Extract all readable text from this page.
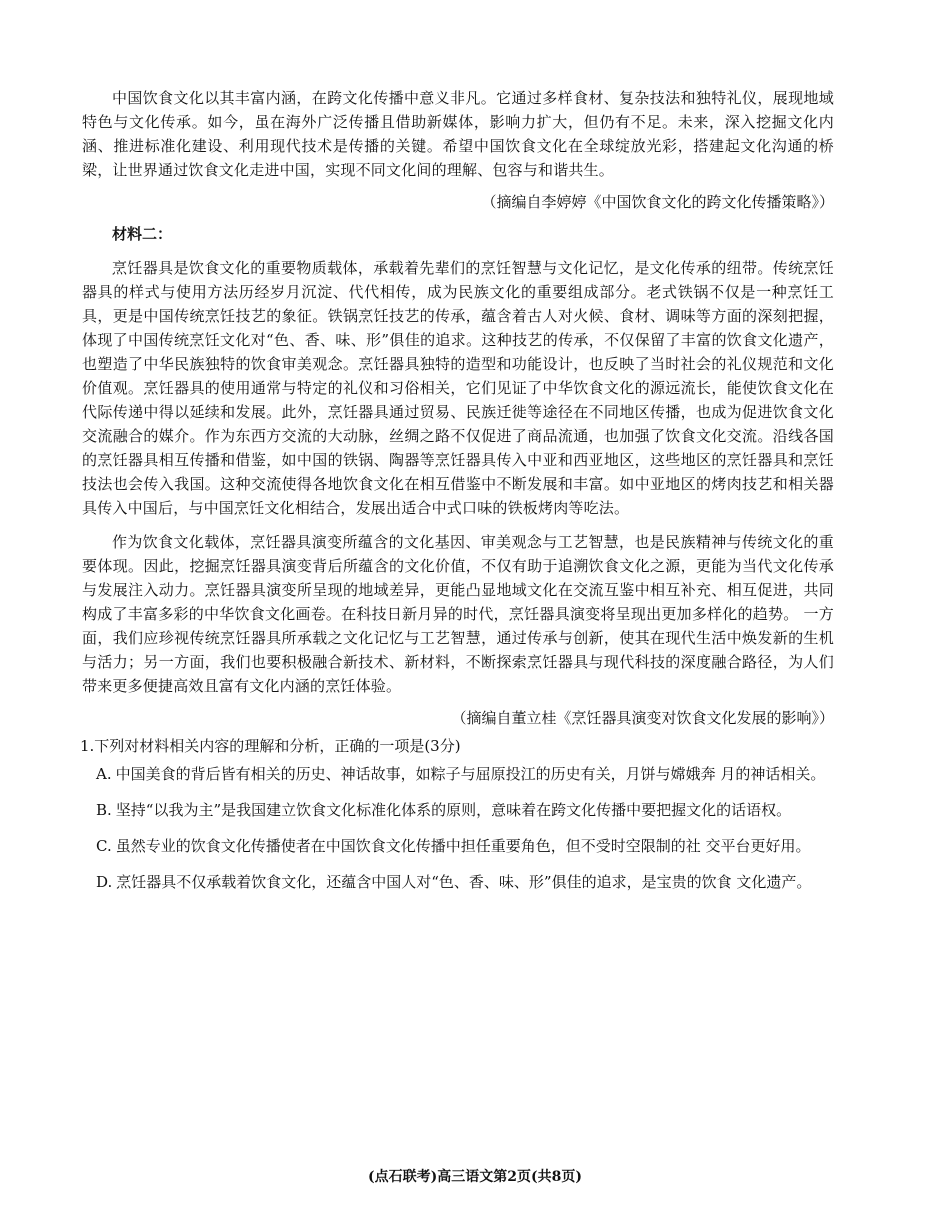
中国饮食文化以其丰富内涵，在跨文化传播中意义非凡。它通过多样食材、复杂技法和独特礼仪，展现地域特色与文化传承。如今，虽在海外广泛传播且借助新媒体，影响力扩大，但仍有不足。未来，深入挖掘文化内涵、推进标准化建设、利用现代技术是传播的关键。希望中国饮食文化在全球绽放光彩，搭建起文化沟通的桥梁，让世界通过饮食文化走进中国，实现不同文化间的理解、包容与和谐共生。

（摘编自李婷婷《中国饮食文化的跨文化传播策略》）

材料二：

烹饪器具是饮食文化的重要物质载体，承载着先辈们的烹饪智慧与文化记忆，是文化传承的纽带。传统烹饪器具的样式与使用方法历经岁月沉淀、代代相传，成为民族文化的重要组成部分。老式铁锅不仅是一种烹饪工具，更是中国传统烹饪技艺的象征。铁锅烹饪技艺的传承，蕴含着古人对火候、食材、调味等方面的深刻把握，体现了中国传统烹饪文化对“色、香、味、形”俱佳的追求。这种技艺的传承，不仅保留了丰富的饮食文化遗产，也塑造了中华民族独特的饮食审美观念。烹饪器具独特的造型和功能设计，也反映了当时社会的礼仪规范和文化价值观。烹饪器具的使用通常与特定的礼仪和习俗相关，它们见证了中华饮食文化的源远流长，能使饮食文化在代际传递中得以延续和发展。此外，烹饪器具通过贸易、民族迁徙等途径在不同地区传播，也成为促进饮食文化交流融合的媒介。作为东西方交流的大动脉，丝绸之路不仅促进了商品流通，也加强了饮食文化交流。沿线各国的烹饪器具相互传播和借鉴，如中国的铁锅、陶器等烹饪器具传入中亚和西亚地区，这些地区的烹饪器具和烹饪技法也会传入我国。这种交流使得各地饮食文化在相互借鉴中不断发展和丰富。如中亚地区的烤肉技艺和相关器具传入中国后，与中国烹饪文化相结合，发展出适合中式口味的铁板烤肉等吃法。

作为饮食文化载体，烹饪器具演变所蕴含的文化基因、审美观念与工艺智慧，也是民族精神与传统文化的重要体现。因此，挖掘烹饪器具演变背后所蕴含的文化价值，不仅有助于追溯饮食文化之源，更能为当代文化传承与发展注入动力。烹饪器具演变所呈现的地域差异，更能凸显地域文化在交流互鉴中相互补充、相互促进，共同构成了丰富多彩的中华饮食文化画卷。在科技日新月异的时代，烹饪器具演变将呈现出更加多样化的趋势。 一方面，我们应珍视传统烹饪器具所承载之文化记忆与工艺智慧，通过传承与创新，使其在现代生活中焕发新的生机与活力；另一方面，我们也要积极融合新技术、新材料，不断探索烹饪器具与现代科技的深度融合路径，为人们带来更多便捷高效且富有文化内涵的烹饪体验。

（摘编自董立桂《烹饪器具演变对饮食文化发展的影响》）

1.下列对材料相关内容的理解和分析，正确的一项是(3分)
A. 中国美食的背后皆有相关的历史、神话故事，如粽子与屈原投江的历史有关，月饼与嫦娥奔 月的神话相关。
B. 坚持“以我为主”是我国建立饮食文化标准化体系的原则，意味着在跨文化传播中要把握文化的话语权。
C. 虽然专业的饮食文化传播使者在中国饮食文化传播中担任重要角色，但不受时空限制的社 交平台更好用。
D. 烹饪器具不仅承载着饮食文化，还蕴含中国人对“色、香、味、形”俱佳的追求，是宝贵的饮食 文化遗产。
(点石联考)高三语文第2页(共8页)
